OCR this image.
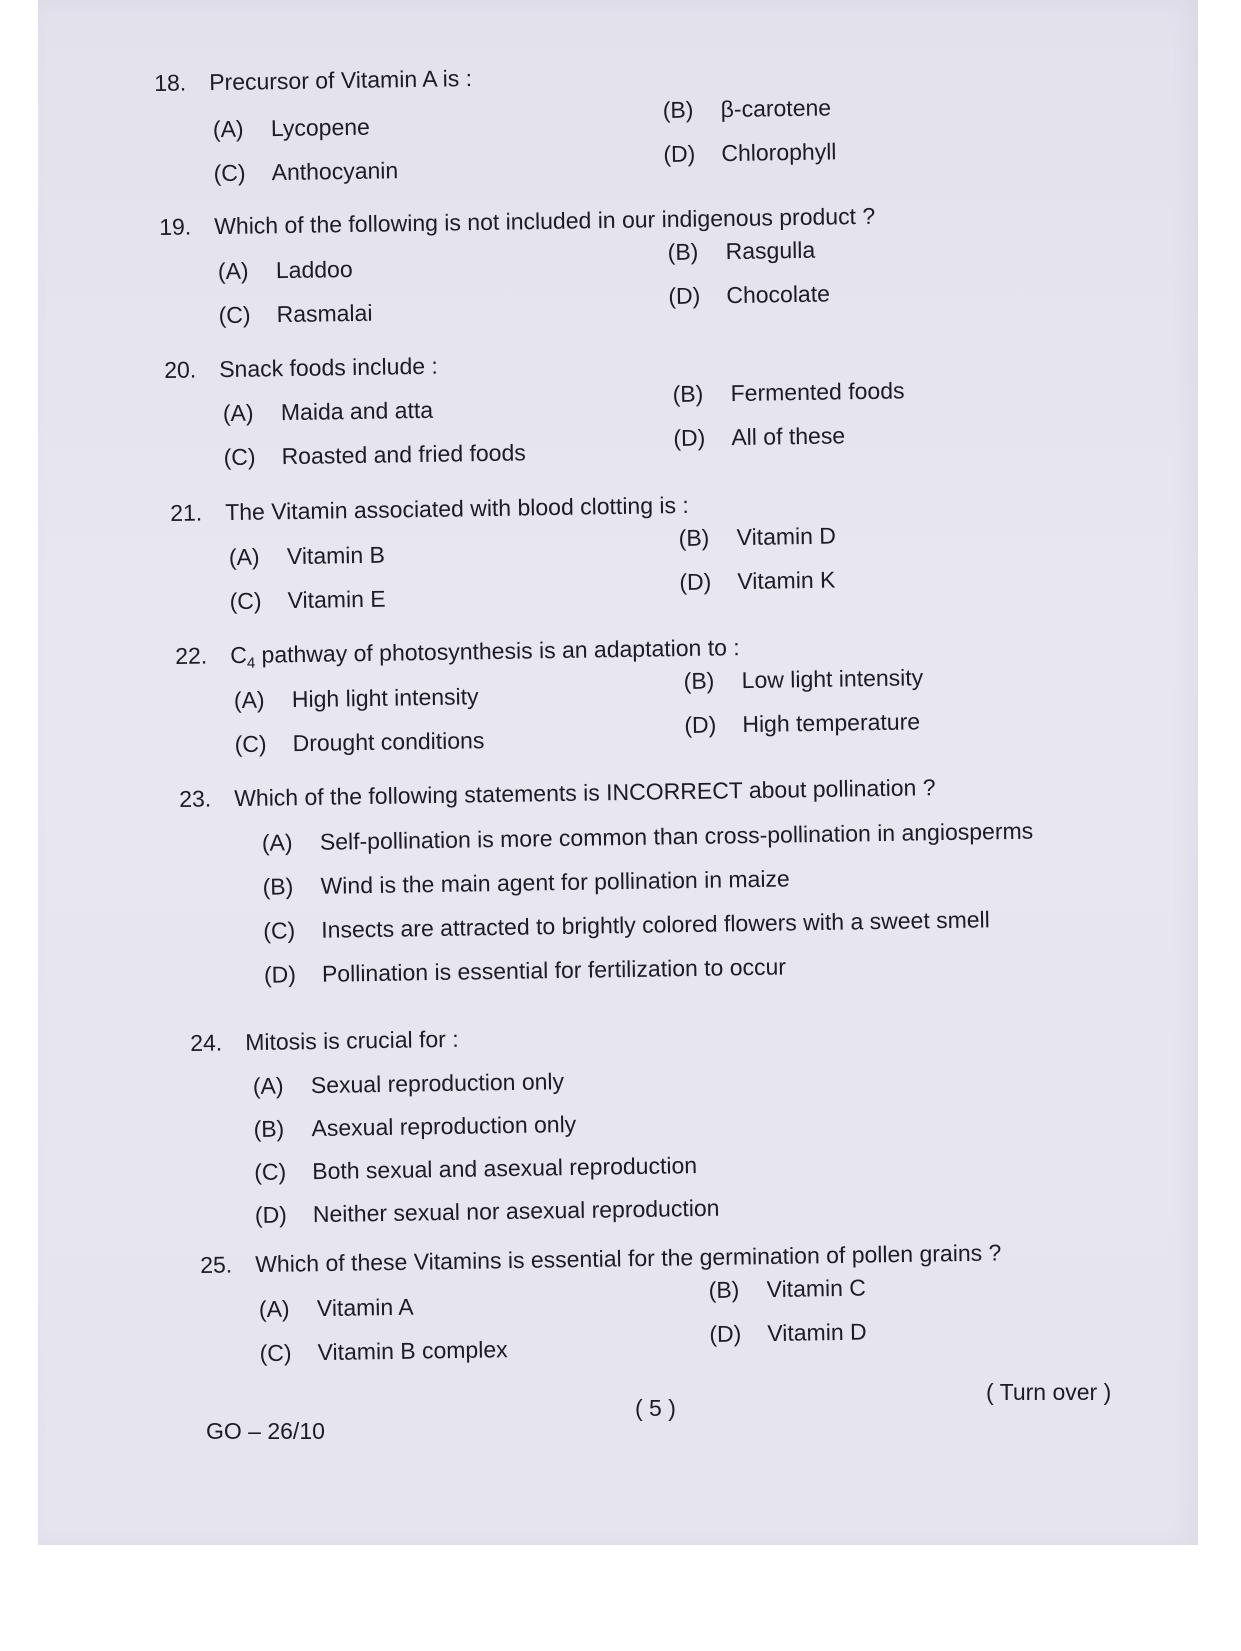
18. Precursor of Vitamin A is :
(A) Lycopene
(B) β-carotene
(C) Anthocyanin
(D) Chlorophyll
19. Which of the following is not included in our indigenous product ?
(A) Laddoo
(B) Rasgulla
(C) Rasmalai
(D) Chocolate
20. Snack foods include :
(A) Maida and atta
(B) Fermented foods
(C) Roasted and fried foods
(D) All of these
21. The Vitamin associated with blood clotting is :
(A) Vitamin B
(B) Vitamin D
(C) Vitamin E
(D) Vitamin K
22. $C_4$ pathway of photosynthesis is an adaptation to :
(A) High light intensity
(B) Low light intensity
(C) Drought conditions
(D) High temperature
23. Which of the following statements is INCORRECT about pollination ?
(A) Self-pollination is more common than cross-pollination in angiosperms
(B) Wind is the main agent for pollination in maize
(C) Insects are attracted to brightly colored flowers with a sweet smell
(D) Pollination is essential for fertilization to occur
24. Mitosis is crucial for :
(A) Sexual reproduction only
(B) Asexual reproduction only
(C) Both sexual and asexual reproduction
(D) Neither sexual nor asexual reproduction
25. Which of these Vitamins is essential for the germination of pollen grains ?
(A) Vitamin A
(B) Vitamin C
(C) Vitamin B complex
(D) Vitamin D
GO – 26/10
( 5 )
( Turn over )
